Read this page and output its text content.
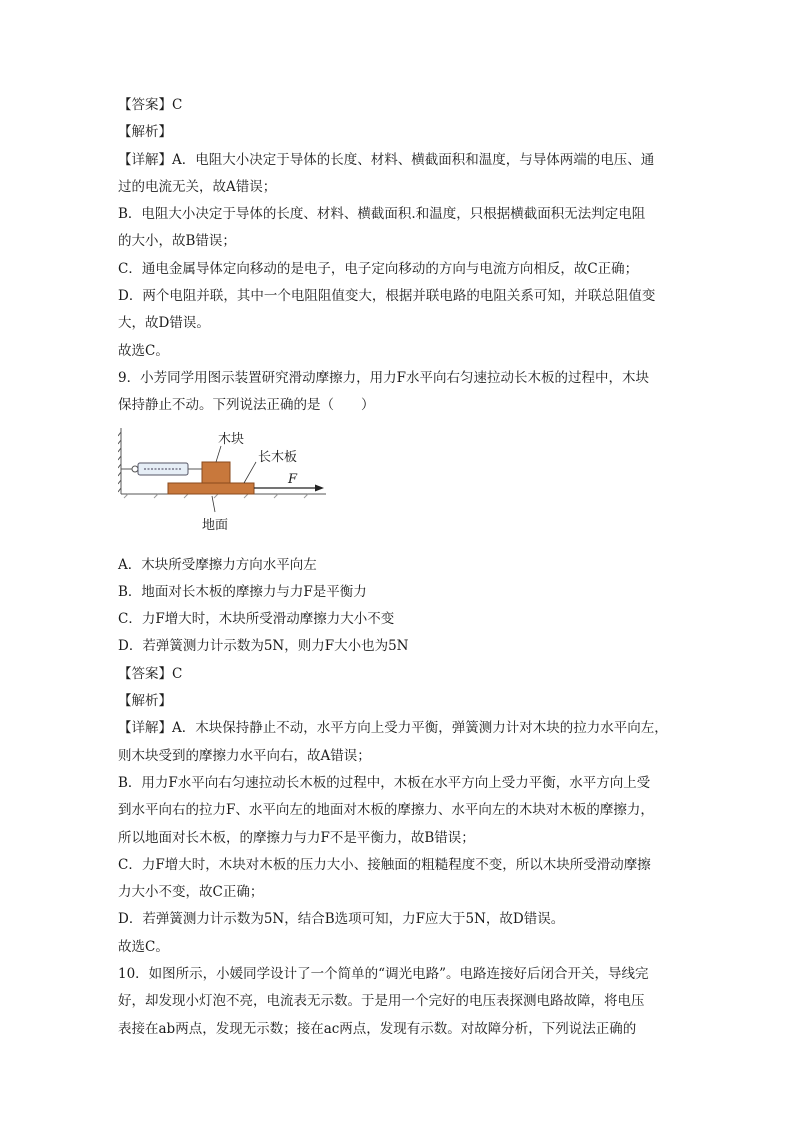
【答案】C
【解析】
【详解】A．电阻大小决定于导体的长度、材料、横截面积和温度，与导体两端的电压、通
过的电流无关，故A错误；
B．电阻大小决定于导体的长度、材料、横截面积.和温度，只根据横截面积无法判定电阻
的大小，故B错误；
C．通电金属导体定向移动的是电子，电子定向移动的方向与电流方向相反，故C正确；
D．两个电阻并联，其中一个电阻阻值变大，根据并联电路的电阻关系可知，并联总阻值变
大，故D错误。
故选C。
9．小芳同学用图示装置研究滑动摩擦力，用力F水平向右匀速拉动长木板的过程中，木块
保持静止不动。下列说法正确的是（　　）
木块
长木板
F
地面
A．木块所受摩擦力方向水平向左
B．地面对长木板的摩擦力与力F是平衡力
C．力F增大时，木块所受滑动摩擦力大小不变
D．若弹簧测力计示数为5N，则力F大小也为5N
【答案】C
【解析】
【详解】A．木块保持静止不动，水平方向上受力平衡，弹簧测力计对木块的拉力水平向左，
则木块受到的摩擦力水平向右，故A错误；
B．用力F水平向右匀速拉动长木板的过程中，木板在水平方向上受力平衡，水平方向上受
到水平向右的拉力F、水平向左的地面对木板的摩擦力、水平向左的木块对木板的摩擦力，
所以地面对长木板，的摩擦力与力F不是平衡力，故B错误；
C．力F增大时，木块对木板的压力大小、接触面的粗糙程度不变，所以木块所受滑动摩擦
力大小不变，故C正确；
D．若弹簧测力计示数为5N，结合B选项可知，力F应大于5N，故D错误。
故选C。
10．如图所示，小媛同学设计了一个简单的“调光电路”。电路连接好后闭合开关，导线完
好，却发现小灯泡不亮，电流表无示数。于是用一个完好的电压表探测电路故障，将电压
表接在ab两点，发现无示数；接在ac两点，发现有示数。对故障分析，下列说法正确的
